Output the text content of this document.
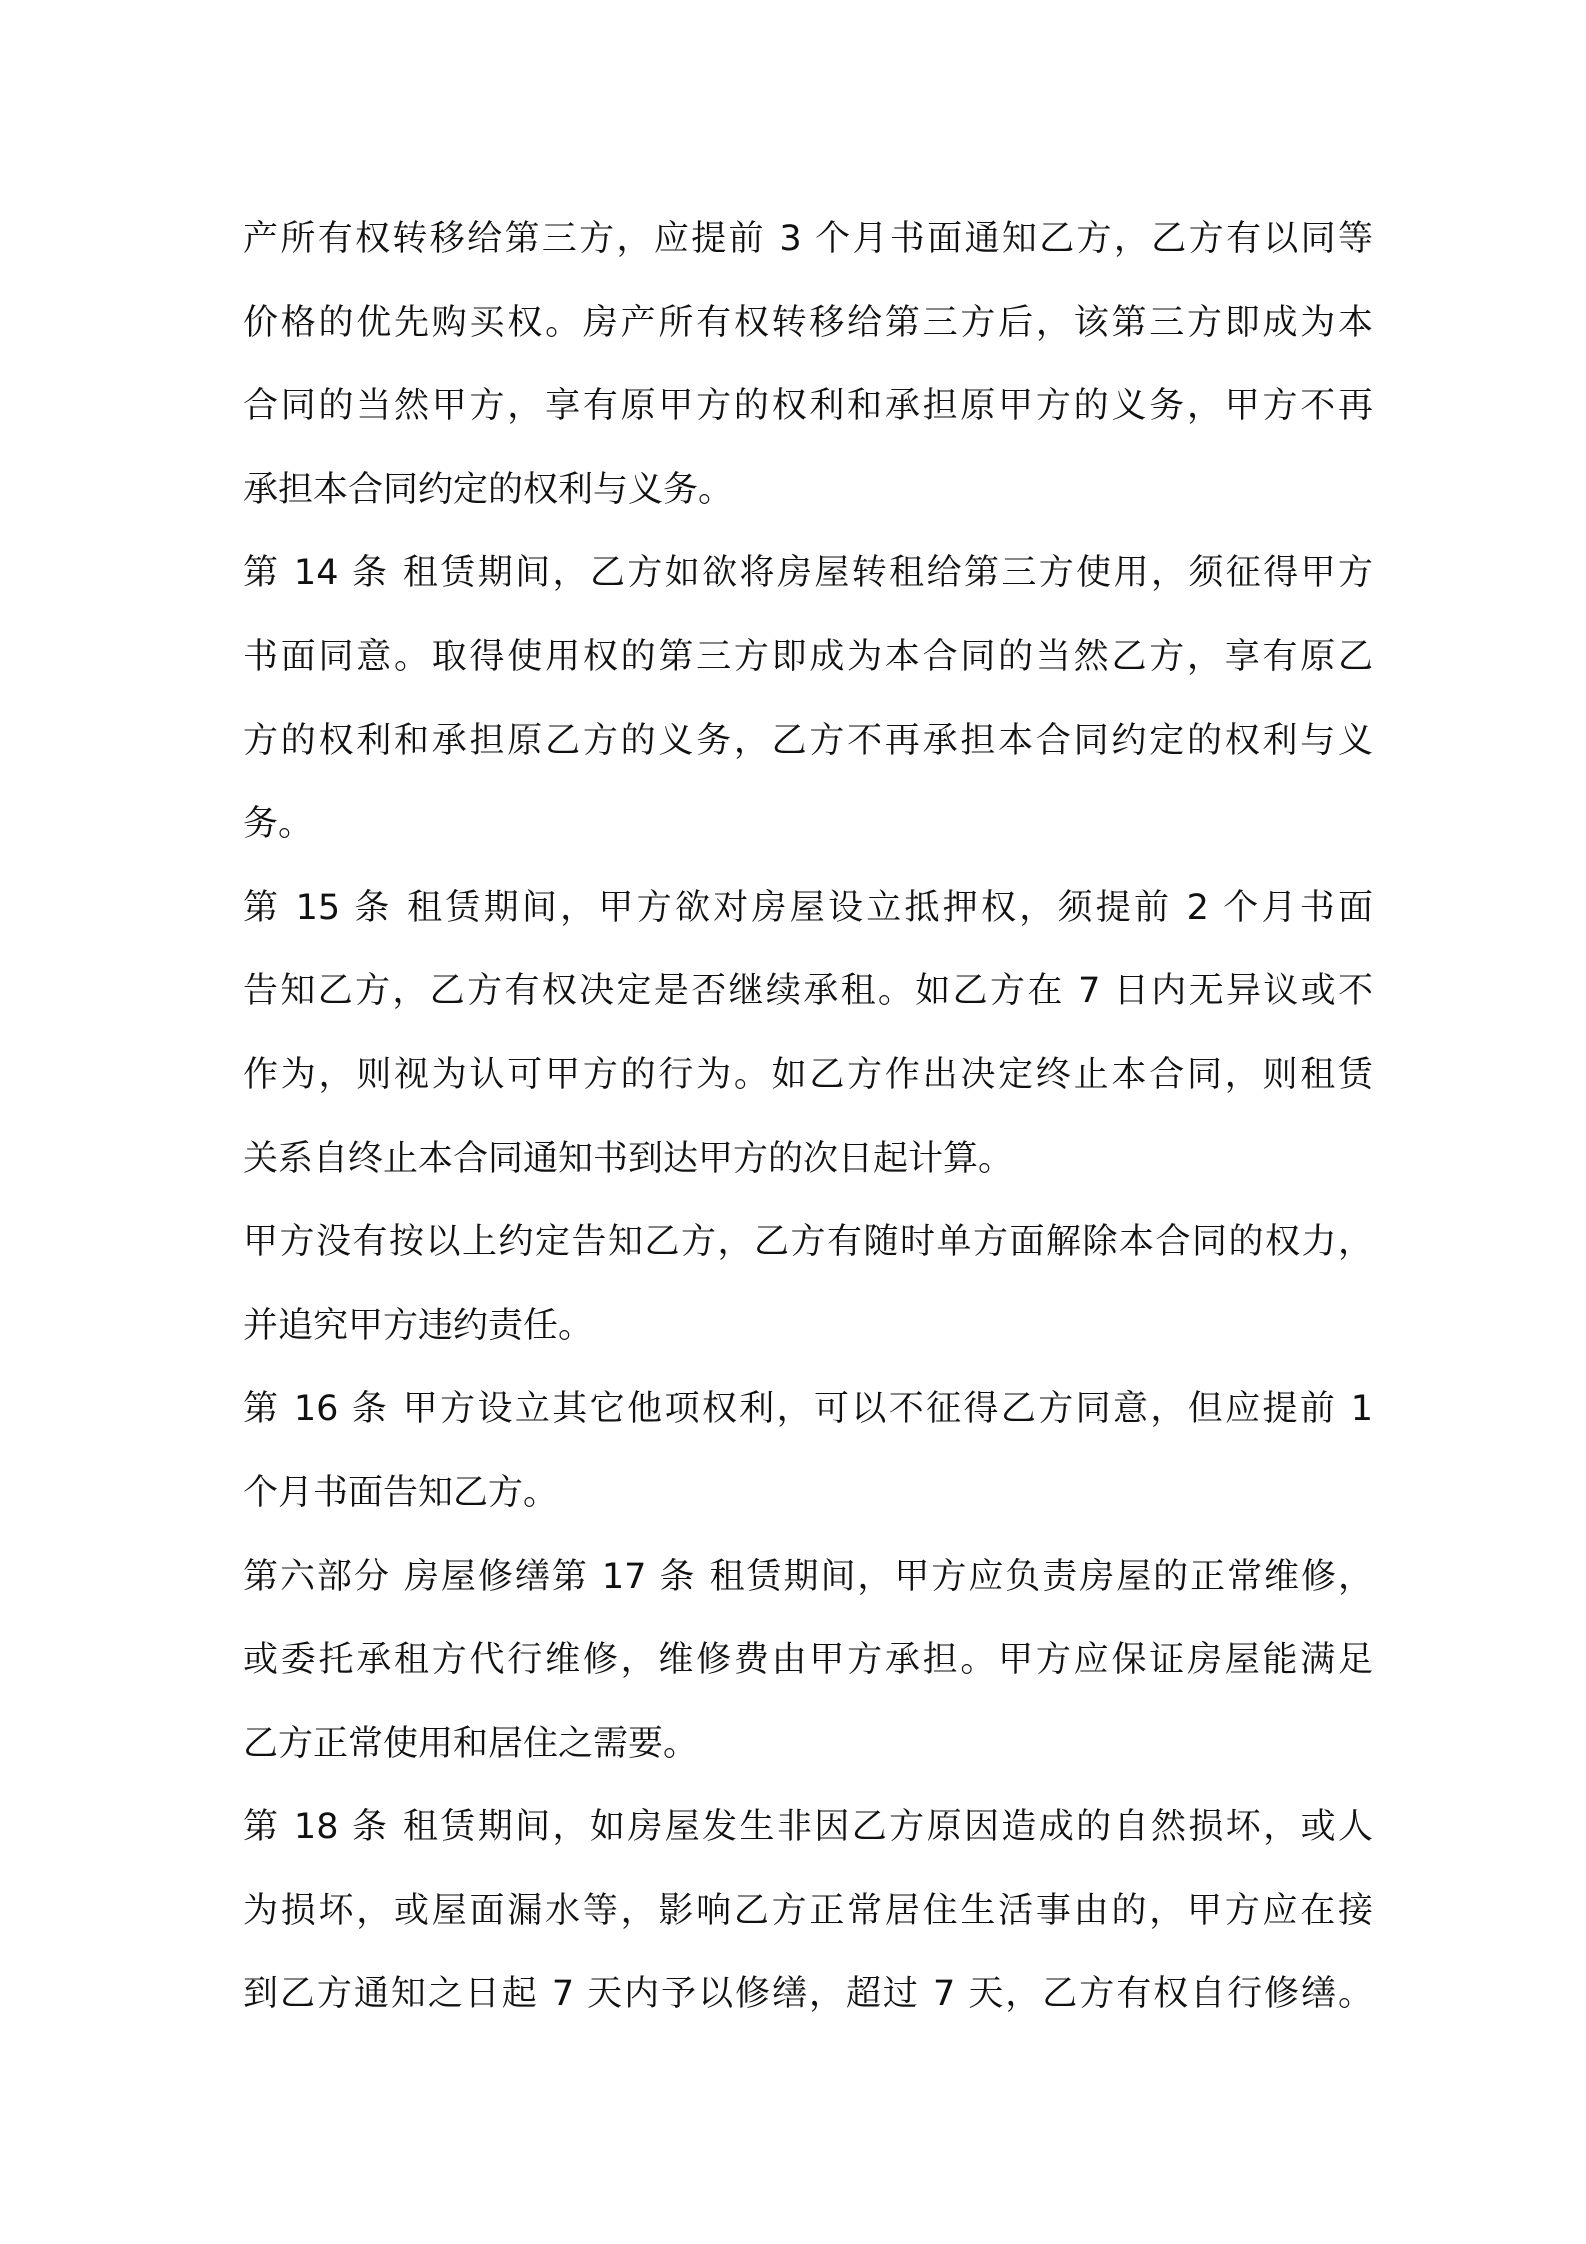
产所有权转移给第三方，应提前 3 个月书面通知乙方，乙方有以同等
价格的优先购买权。房产所有权转移给第三方后，该第三方即成为本
合同的当然甲方，享有原甲方的权利和承担原甲方的义务，甲方不再
承担本合同约定的权利与义务。
第 14 条 租赁期间，乙方如欲将房屋转租给第三方使用，须征得甲方
书面同意。取得使用权的第三方即成为本合同的当然乙方，享有原乙
方的权利和承担原乙方的义务，乙方不再承担本合同约定的权利与义
务。
第 15 条 租赁期间，甲方欲对房屋设立抵押权，须提前 2 个月书面
告知乙方，乙方有权决定是否继续承租。如乙方在 7 日内无异议或不
作为，则视为认可甲方的行为。如乙方作出决定终止本合同，则租赁
关系自终止本合同通知书到达甲方的次日起计算。
甲方没有按以上约定告知乙方，乙方有随时单方面解除本合同的权力，
并追究甲方违约责任。
第 16 条 甲方设立其它他项权利，可以不征得乙方同意，但应提前 1
个月书面告知乙方。
第六部分 房屋修缮第 17 条 租赁期间，甲方应负责房屋的正常维修，
或委托承租方代行维修，维修费由甲方承担。甲方应保证房屋能满足
乙方正常使用和居住之需要。
第 18 条 租赁期间，如房屋发生非因乙方原因造成的自然损坏，或人
为损坏，或屋面漏水等，影响乙方正常居住生活事由的，甲方应在接
到乙方通知之日起 7 天内予以修缮，超过 7 天，乙方有权自行修缮。
